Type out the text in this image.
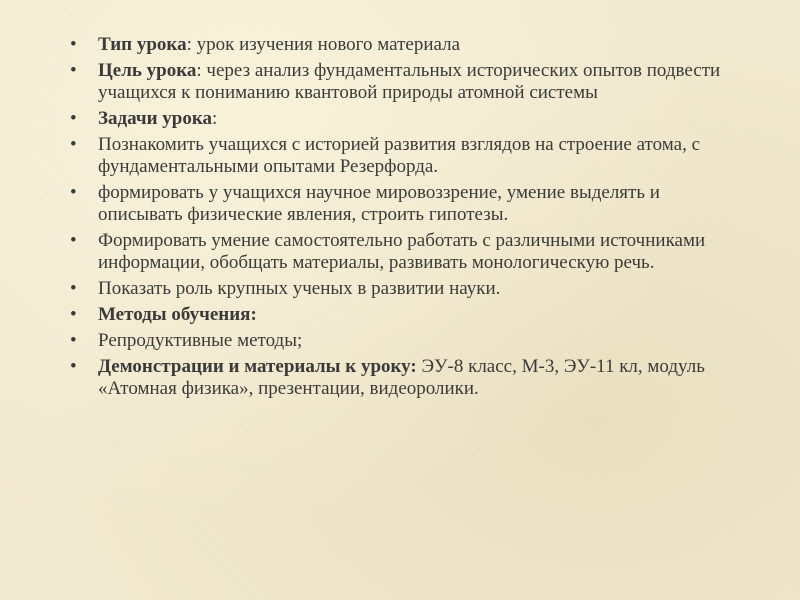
• Тип урока: урок изучения нового материала
• Цель урока: через анализ фундаментальных исторических опытов подвести учащихся к пониманию квантовой природы атомной системы
• Задачи урока:
• Познакомить учащихся с историей развития взглядов на строение атома, с фундаментальными опытами Резерфорда.
• формировать у учащихся научное мировоззрение, умение выделять и описывать физические явления, строить гипотезы.
• Формировать умение самостоятельно работать с различными источниками информации, обобщать материалы, развивать монологическую речь.
• Показать роль крупных ученых в развитии науки.
• Методы обучения:
• Репродуктивные методы;
• Демонстрации и материалы к уроку: ЭУ-8 класс, М-3, ЭУ-11 кл, модуль «Атомная физика», презентации, видеоролики.
